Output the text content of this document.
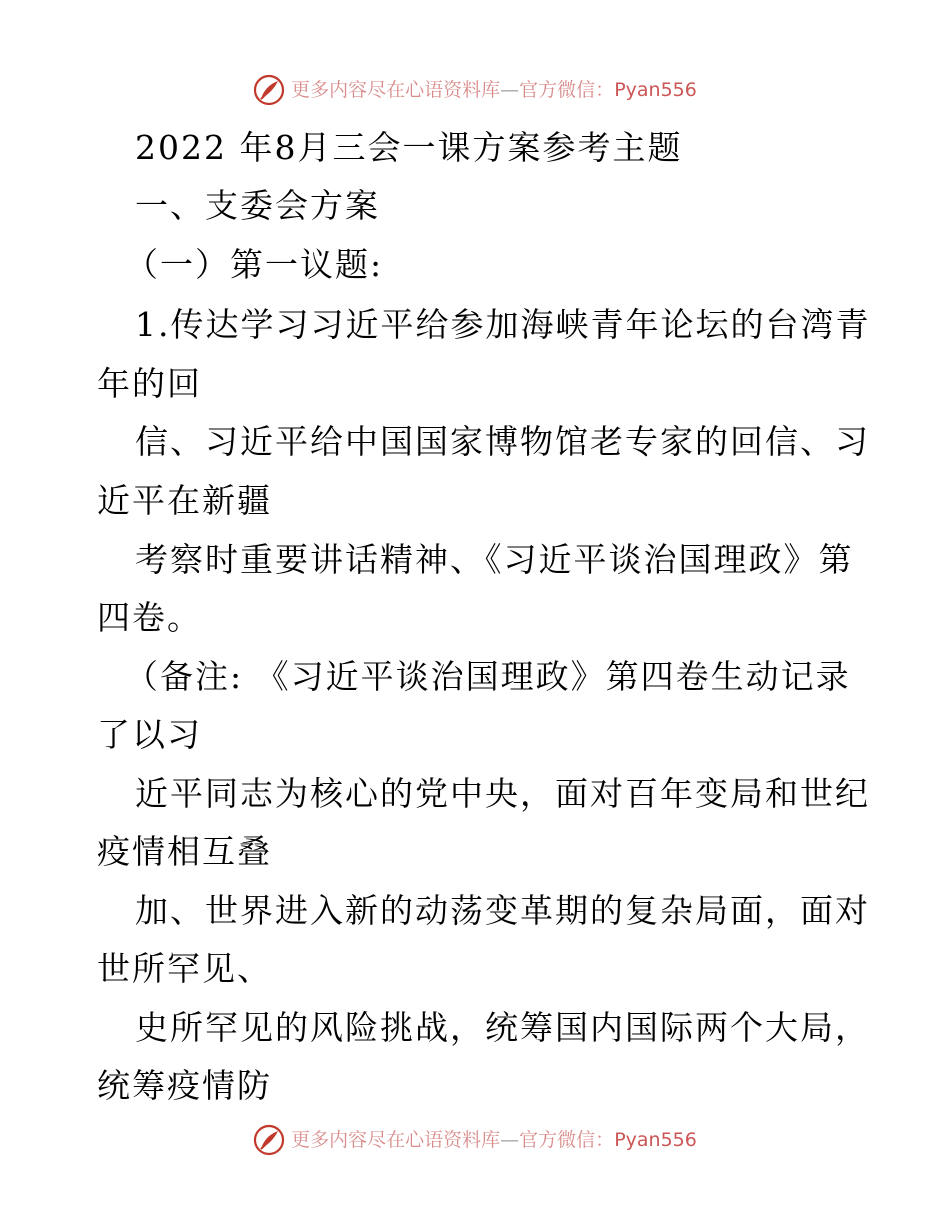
更多内容尽在心语资料库—官方微信：Pyan556
2022 年8月三会一课方案参考主题
一、支委会方案
（一）第一议题:
1.传达学习习近平给参加海峡青年论坛的台湾青
年的回
信、习近平给中国国家博物馆老专家的回信、习
近平在新疆
考察时重要讲话精神、《习近平谈治国理政》第
四卷。
（备注: 《习近平谈治国理政》第四卷生动记录
了以习
近平同志为核心的党中央，面对百年变局和世纪
疫情相互叠
加、世界进入新的动荡变革期的复杂局面，面对
世所罕见、
史所罕见的风险挑战，统筹国内国际两个大局，
统筹疫情防
更多内容尽在心语资料库—官方微信：Pyan556
